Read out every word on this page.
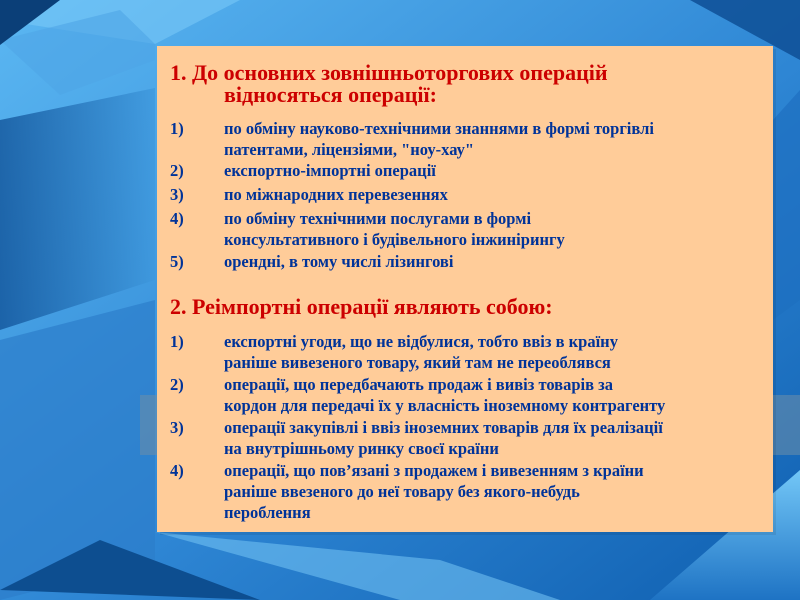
1. До основних зовнішньоторгових операцій
відносяться операції:
1)	по обміну науково-технічними знаннями в формі торгівлі
патентами, ліцензіями, "ноу-хау"
2)	експортно-імпортні операції
3)	по міжнародних перевезеннях
4)	по обміну технічними послугами в формі
консультативного і будівельного інжинірингу
5)	орендні, в тому числі лізингові
2. Реімпортні операції являють собою:
1)	експортні угоди, що не відбулися, тобто ввіз в країну
раніше вивезеного товару, який там не переоблявся
2)	операції, що передбачають продаж і вивіз товарів за
кордон для передачі їх у власність іноземному контрагенту
3)	операції закупівлі і ввіз іноземних товарів для їх реалізації
на внутрішньому ринку своєї країни
4)	операції, що пов’язані з продажем і вивезенням з країни
раніше ввезеного до неї товару без якого-небудь
пероблення
